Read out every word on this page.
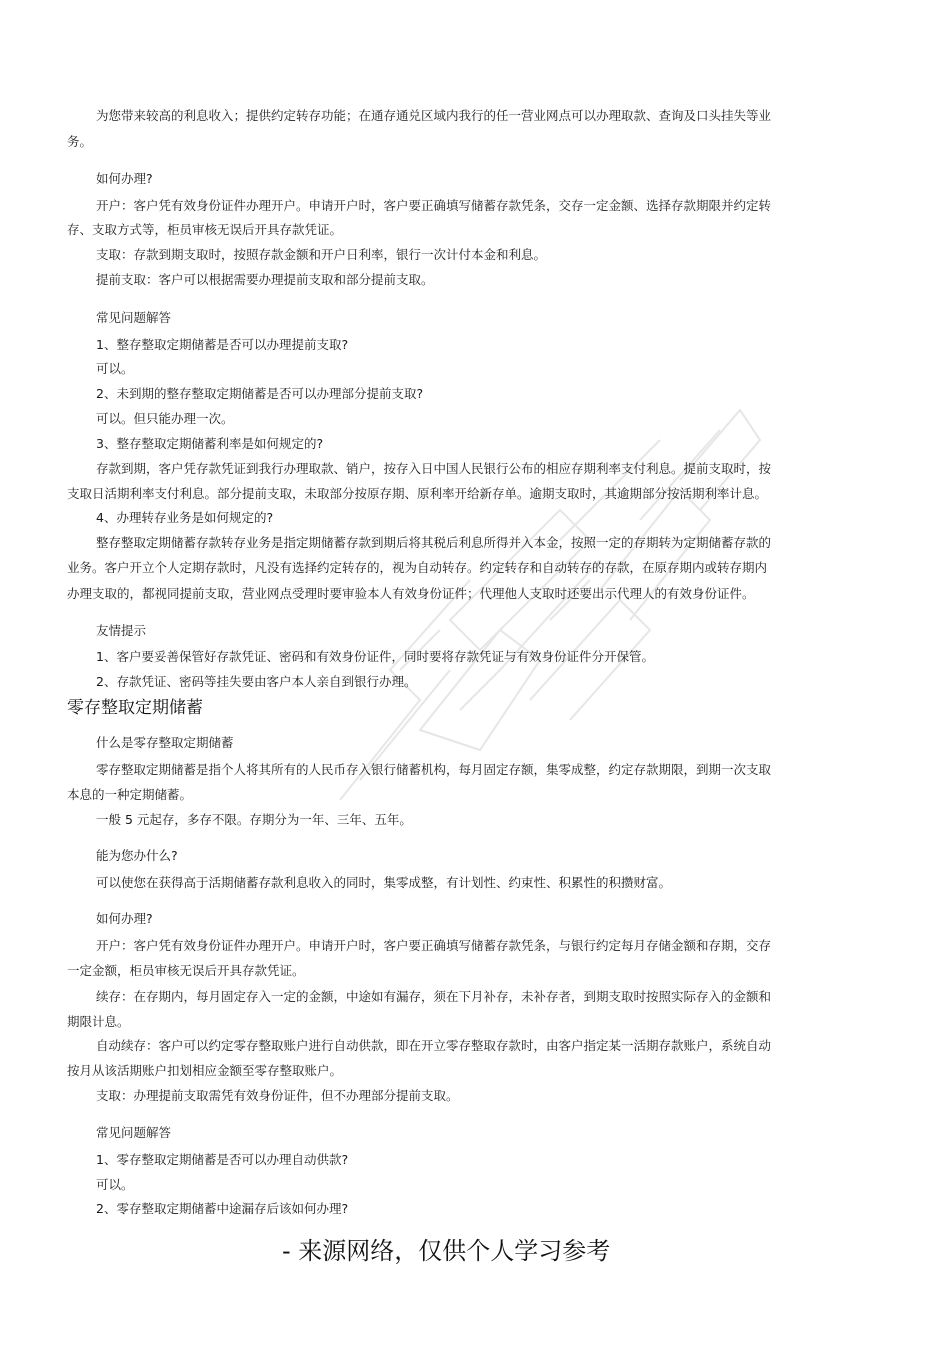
为您带来较高的利息收入；提供约定转存功能；在通存通兑区域内我行的任一营业网点可以办理取款、查询及口头挂失等业
务。
如何办理?
开户：客户凭有效身份证件办理开户。申请开户时，客户要正确填写储蓄存款凭条，交存一定金额、选择存款期限并约定转
存、支取方式等，柜员审核无误后开具存款凭证。
支取：存款到期支取时，按照存款金额和开户日利率，银行一次计付本金和利息。
提前支取：客户可以根据需要办理提前支取和部分提前支取。
常见问题解答
1、整存整取定期储蓄是否可以办理提前支取?
可以。
2、未到期的整存整取定期储蓄是否可以办理部分提前支取?
可以。但只能办理一次。
3、整存整取定期储蓄利率是如何规定的?
存款到期，客户凭存款凭证到我行办理取款、销户，按存入日中国人民银行公布的相应存期利率支付利息。提前支取时，按
支取日活期利率支付利息。部分提前支取，未取部分按原存期、原利率开给新存单。逾期支取时，其逾期部分按活期利率计息。
4、办理转存业务是如何规定的?
整存整取定期储蓄存款转存业务是指定期储蓄存款到期后将其税后利息所得并入本金，按照一定的存期转为定期储蓄存款的
业务。客户开立个人定期存款时，凡没有选择约定转存的，视为自动转存。约定转存和自动转存的存款，在原存期内或转存期内
办理支取的，都视同提前支取，营业网点受理时要审验本人有效身份证件；代理他人支取时还要出示代理人的有效身份证件。
友情提示
1、客户要妥善保管好存款凭证、密码和有效身份证件，同时要将存款凭证与有效身份证件分开保管。
2、存款凭证、密码等挂失要由客户本人亲自到银行办理。
零存整取定期储蓄
什么是零存整取定期储蓄
零存整取定期储蓄是指个人将其所有的人民币存入银行储蓄机构，每月固定存额，集零成整，约定存款期限，到期一次支取
本息的一种定期储蓄。
一般 5 元起存，多存不限。存期分为一年、三年、五年。
能为您办什么?
可以使您在获得高于活期储蓄存款利息收入的同时，集零成整，有计划性、约束性、积累性的积攒财富。
如何办理?
开户：客户凭有效身份证件办理开户。申请开户时，客户要正确填写储蓄存款凭条，与银行约定每月存储金额和存期，交存
一定金额，柜员审核无误后开具存款凭证。
续存：在存期内，每月固定存入一定的金额，中途如有漏存，须在下月补存，未补存者，到期支取时按照实际存入的金额和
期限计息。
自动续存：客户可以约定零存整取账户进行自动供款，即在开立零存整取存款时，由客户指定某一活期存款账户，系统自动
按月从该活期账户扣划相应金额至零存整取账户。
支取：办理提前支取需凭有效身份证件，但不办理部分提前支取。
常见问题解答
1、零存整取定期储蓄是否可以办理自动供款?
可以。
2、零存整取定期储蓄中途漏存后该如何办理?
- 来源网络，仅供个人学习参考
